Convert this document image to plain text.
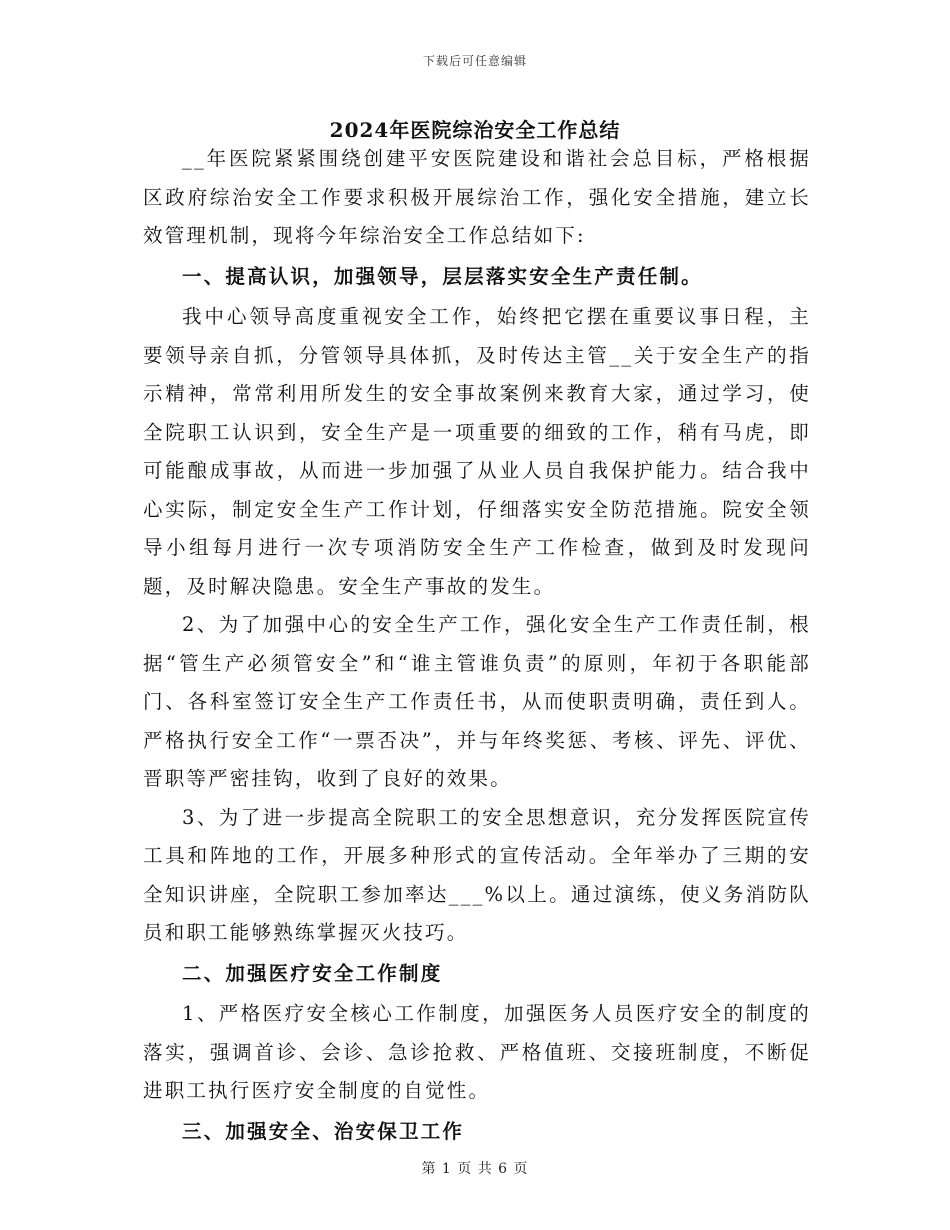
下载后可任意编辑
2024年医院综治安全工作总结

__年医院紧紧围绕创建平安医院建设和谐社会总目标，严格根据区政府综治安全工作要求积极开展综治工作，强化安全措施，建立长效管理机制，现将今年综治安全工作总结如下:

一、提高认识，加强领导，层层落实安全生产责任制。

我中心领导高度重视安全工作，始终把它摆在重要议事日程，主要领导亲自抓，分管领导具体抓，及时传达主管__关于安全生产的指示精神，常常利用所发生的安全事故案例来教育大家，通过学习，使全院职工认识到，安全生产是一项重要的细致的工作，稍有马虎，即可能酿成事故，从而进一步加强了从业人员自我保护能力。结合我中心实际，制定安全生产工作计划，仔细落实安全防范措施。院安全领导小组每月进行一次专项消防安全生产工作检查，做到及时发现问题，及时解决隐患。安全生产事故的发生。

2、为了加强中心的安全生产工作，强化安全生产工作责任制，根据“管生产必须管安全”和“谁主管谁负责”的原则，年初于各职能部门、各科室签订安全生产工作责任书，从而使职责明确，责任到人。严格执行安全工作“一票否决”，并与年终奖惩、考核、评先、评优、晋职等严密挂钩，收到了良好的效果。

3、为了进一步提高全院职工的安全思想意识，充分发挥医院宣传工具和阵地的工作，开展多种形式的宣传活动。全年举办了三期的安全知识讲座，全院职工参加率达___%以上。通过演练，使义务消防队员和职工能够熟练掌握灭火技巧。

二、加强医疗安全工作制度

1、严格医疗安全核心工作制度，加强医务人员医疗安全的制度的落实，强调首诊、会诊、急诊抢救、严格值班、交接班制度，不断促进职工执行医疗安全制度的自觉性。

三、加强安全、治安保卫工作

第 1 页 共 6 页
